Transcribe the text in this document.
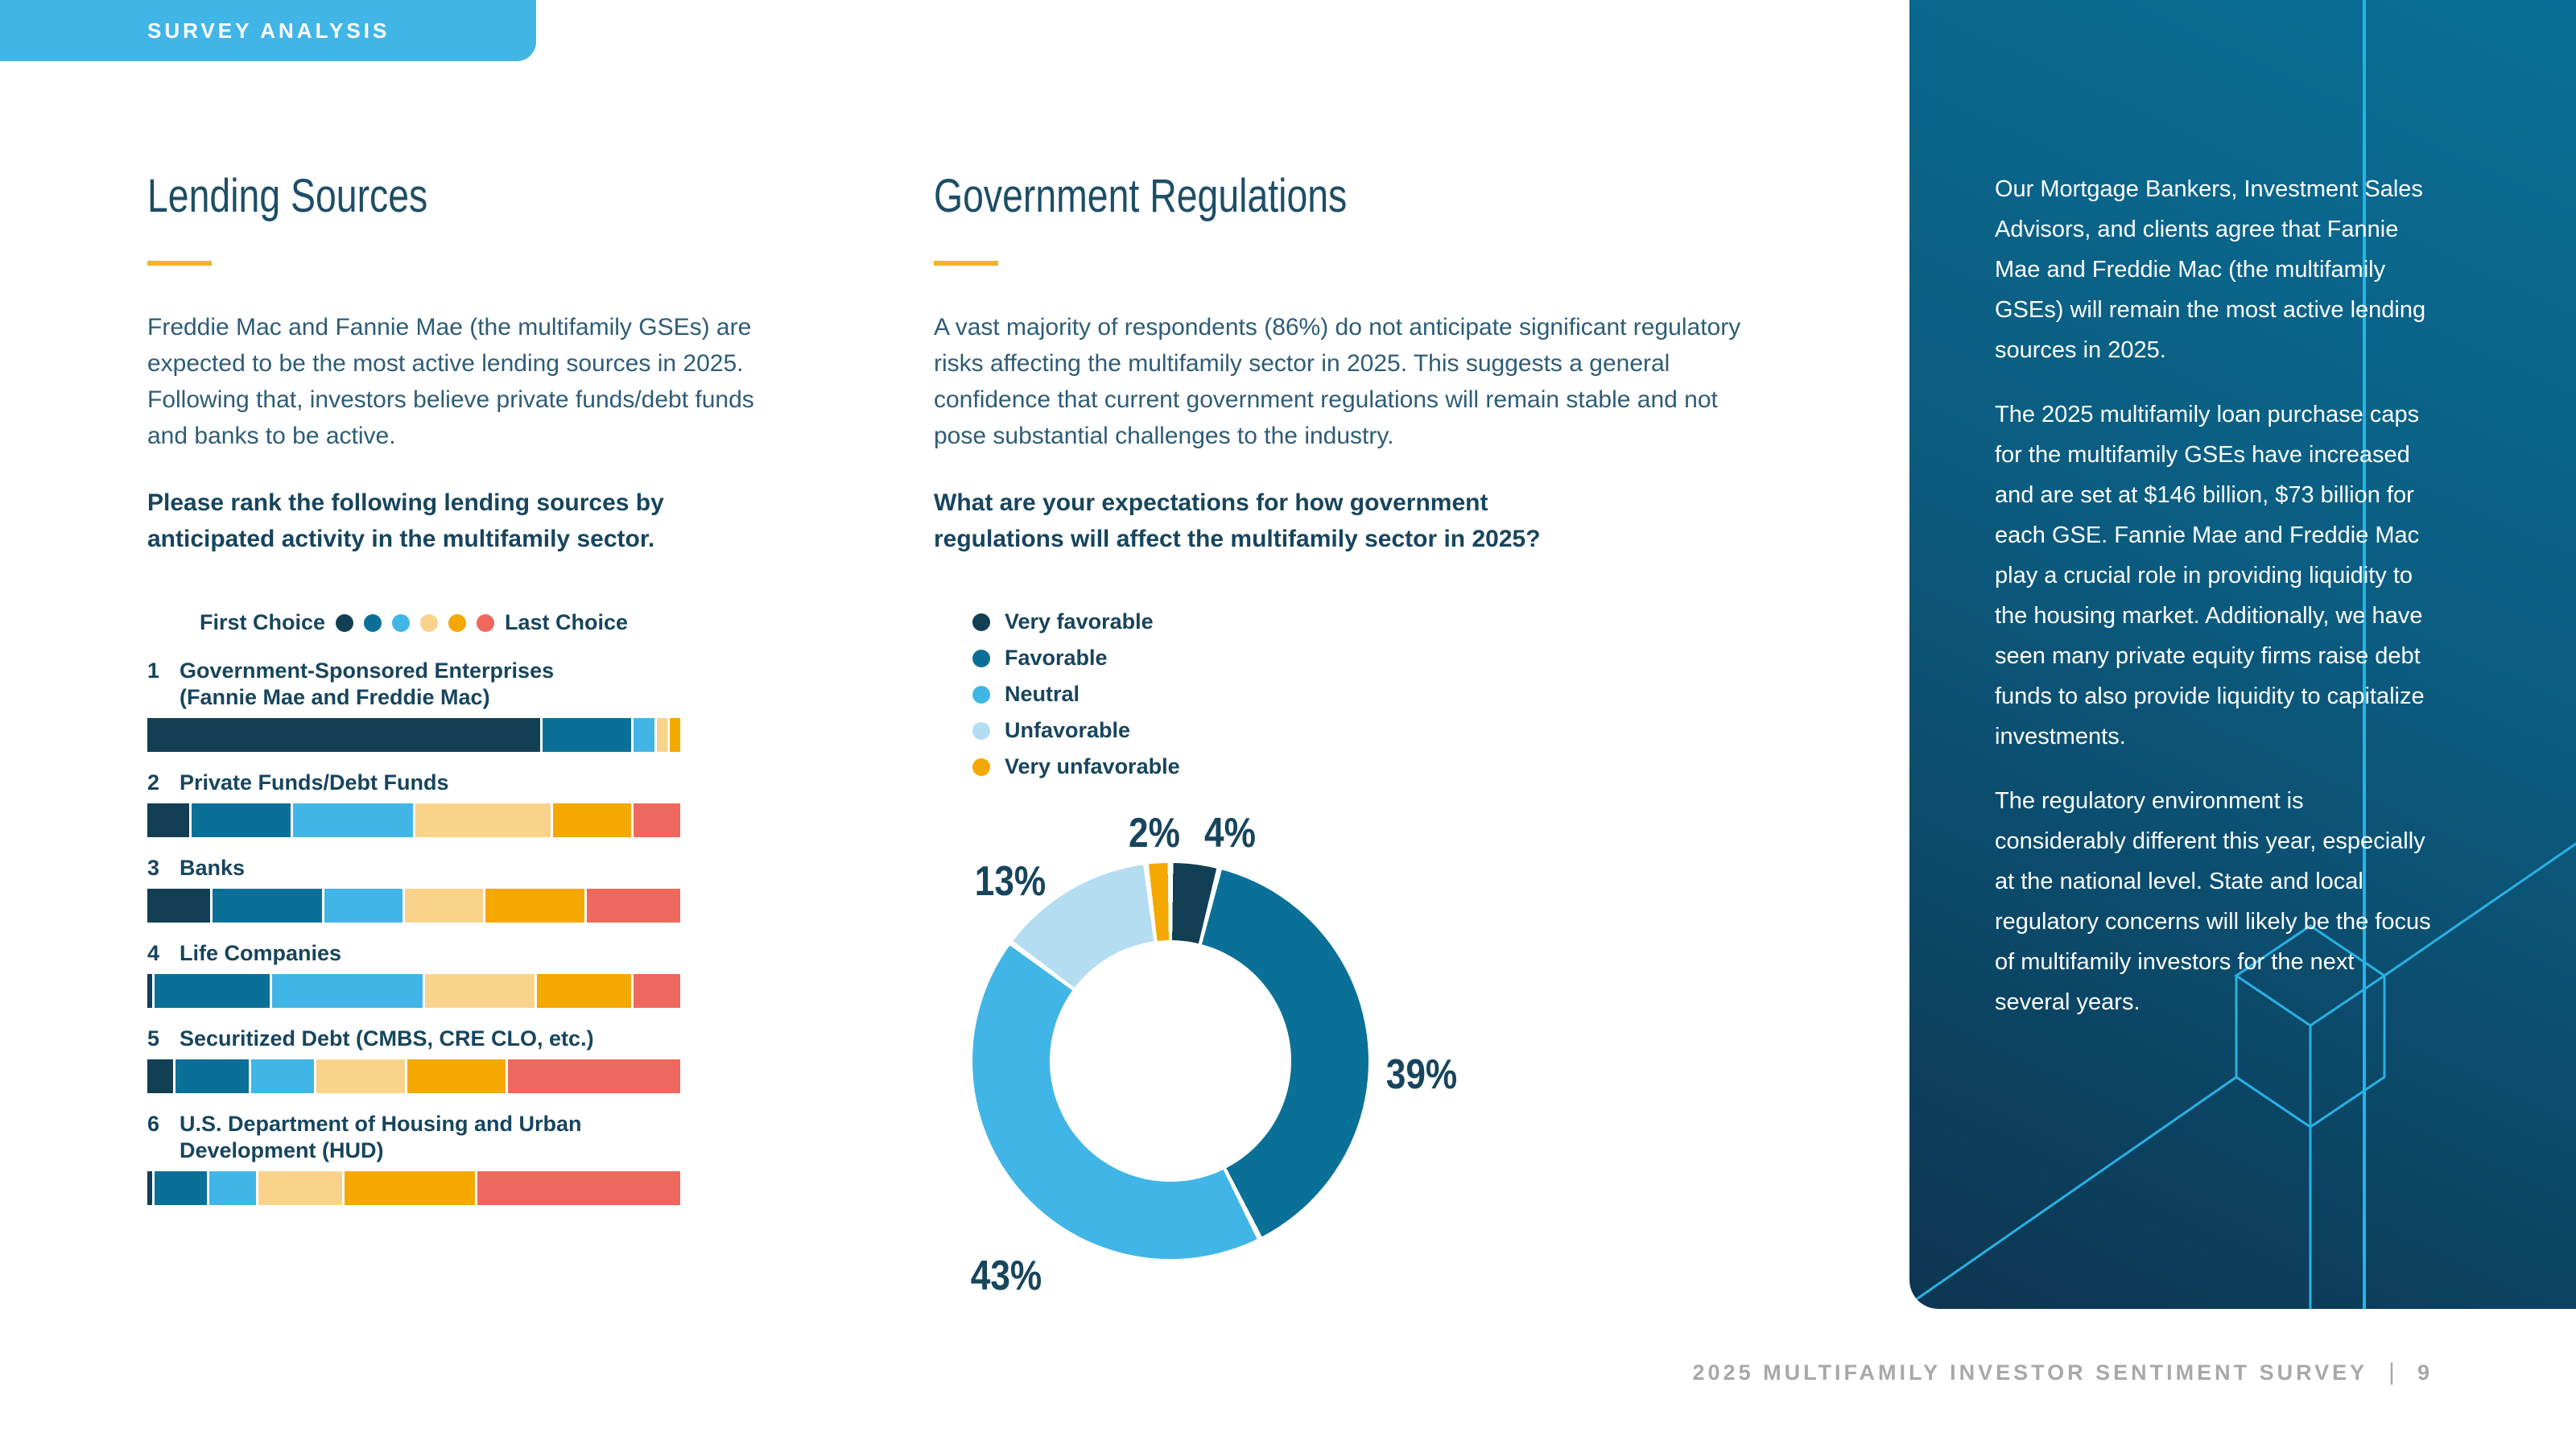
SURVEY ANALYSIS
Lending Sources

Freddie Mac and Fannie Mae (the multifamily GSEs) are expected to be the most active lending sources in 2025. Following that, investors believe private funds/debt funds and banks to be active.

Please rank the following lending sources by anticipated activity in the multifamily sector.

First Choice	Last Choice
1 Government-Sponsored Enterprises (Fannie Mae and Freddie Mac)
2 Private Funds/Debt Funds
3 Banks
4 Life Companies
5 Securitized Debt (CMBS, CRE CLO, etc.)
6 U.S. Department of Housing and Urban Development (HUD)
Government Regulations

A vast majority of respondents (86%) do not anticipate significant regulatory risks affecting the multifamily sector in 2025. This suggests a general confidence that current government regulations will remain stable and not pose substantial challenges to the industry.

What are your expectations for how government regulations will affect the multifamily sector in 2025?

Very favorable
Favorable
Neutral
Unfavorable
Very unfavorable
4%
39%
43%
13%
2%

Our Mortgage Bankers, Investment Sales Advisors, and clients agree that Fannie Mae and Freddie Mac (the multifamily GSEs) will remain the most active lending sources in 2025.

The 2025 multifamily loan purchase caps for the multifamily GSEs have increased and are set at $146 billion, $73 billion for each GSE. Fannie Mae and Freddie Mac play a crucial role in providing liquidity to the housing market. Additionally, we have seen many private equity firms raise debt funds to also provide liquidity to capitalize investments.

The regulatory environment is considerably different this year, especially at the national level. State and local regulatory concerns will likely be the focus of multifamily investors for the next several years.

2025 MULTIFAMILY INVESTOR SENTIMENT SURVEY | 9
